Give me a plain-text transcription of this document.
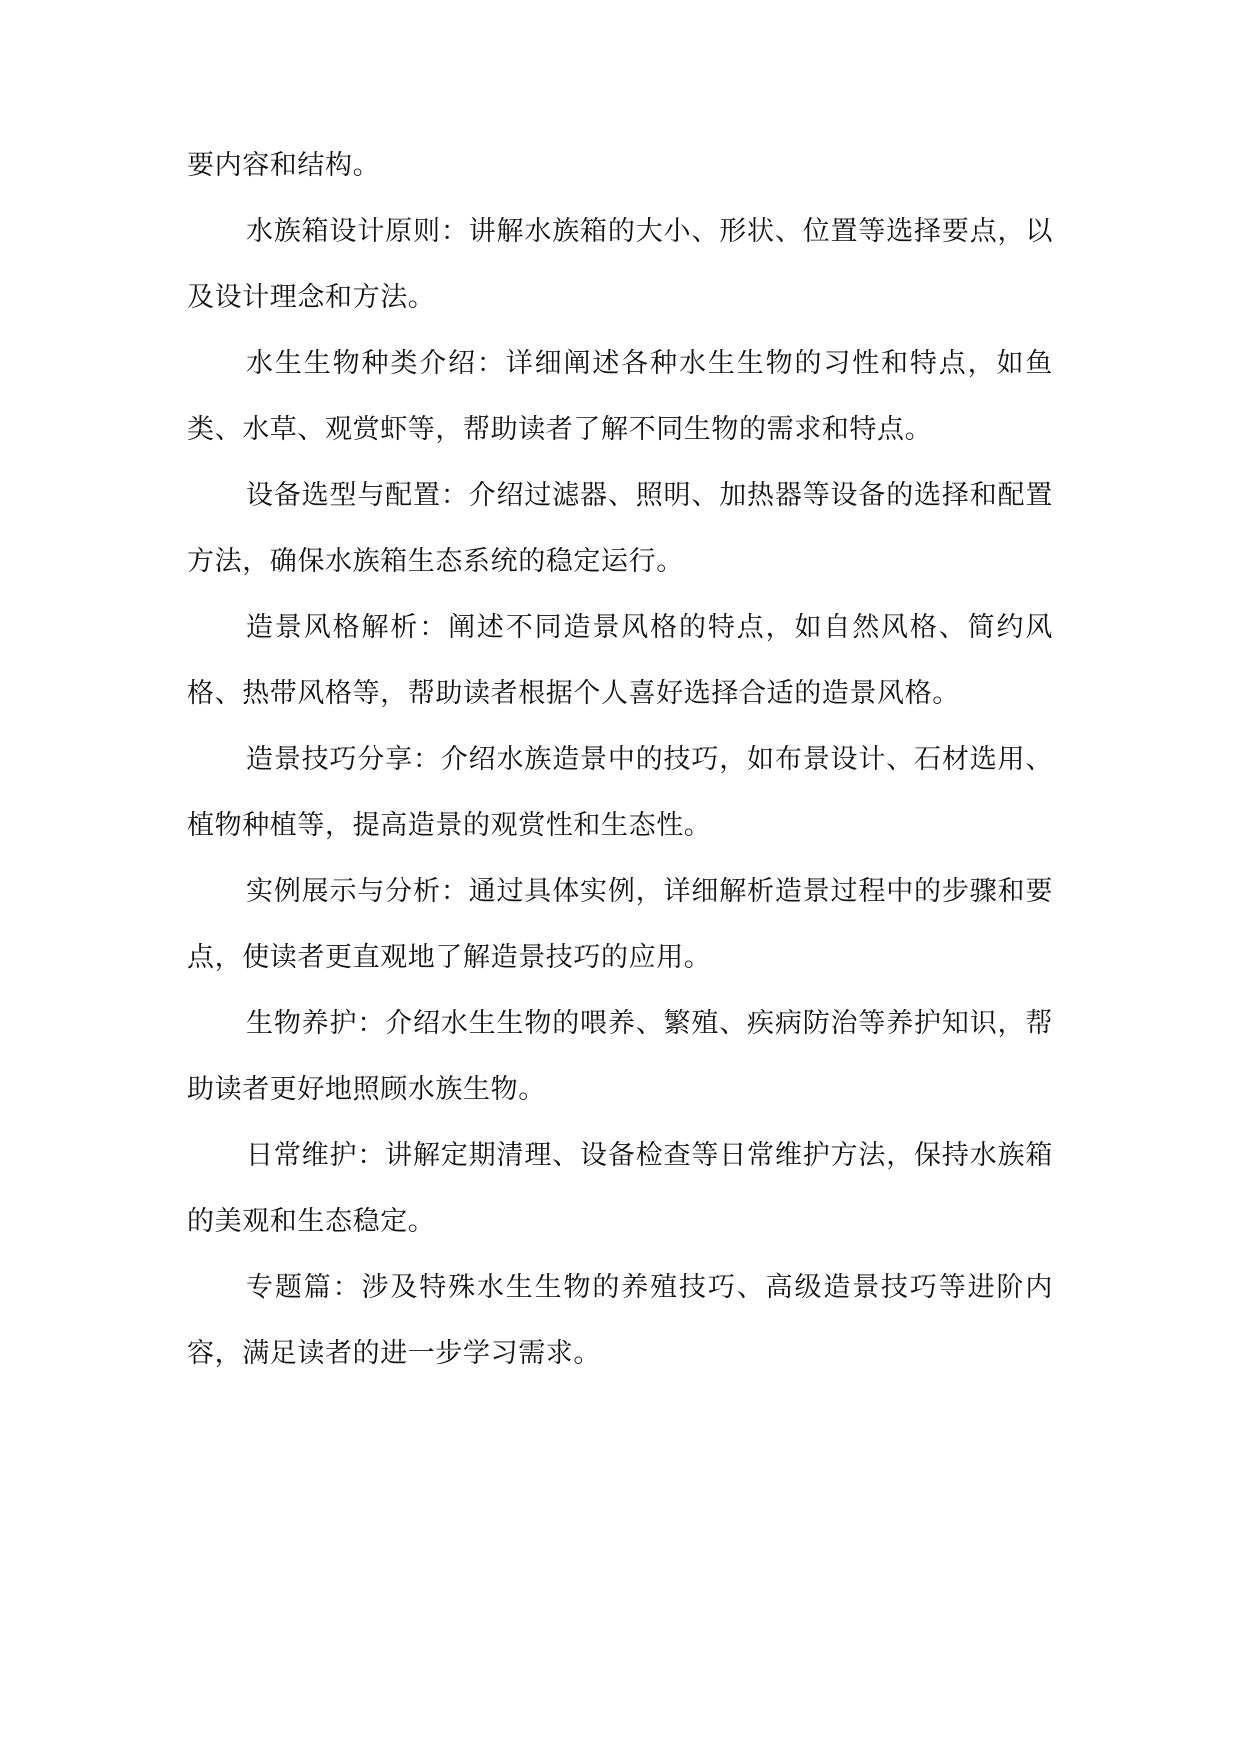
要内容和结构。

水族箱设计原则：讲解水族箱的大小、形状、位置等选择要点，以及设计理念和方法。

水生生物种类介绍：详细阐述各种水生生物的习性和特点，如鱼类、水草、观赏虾等，帮助读者了解不同生物的需求和特点。

设备选型与配置：介绍过滤器、照明、加热器等设备的选择和配置方法，确保水族箱生态系统的稳定运行。

造景风格解析：阐述不同造景风格的特点，如自然风格、简约风格、热带风格等，帮助读者根据个人喜好选择合适的造景风格。

造景技巧分享：介绍水族造景中的技巧，如布景设计、石材选用、植物种植等，提高造景的观赏性和生态性。

实例展示与分析：通过具体实例，详细解析造景过程中的步骤和要点，使读者更直观地了解造景技巧的应用。

生物养护：介绍水生生物的喂养、繁殖、疾病防治等养护知识，帮助读者更好地照顾水族生物。

日常维护：讲解定期清理、设备检查等日常维护方法，保持水族箱的美观和生态稳定。

专题篇：涉及特殊水生生物的养殖技巧、高级造景技巧等进阶内容，满足读者的进一步学习需求。
